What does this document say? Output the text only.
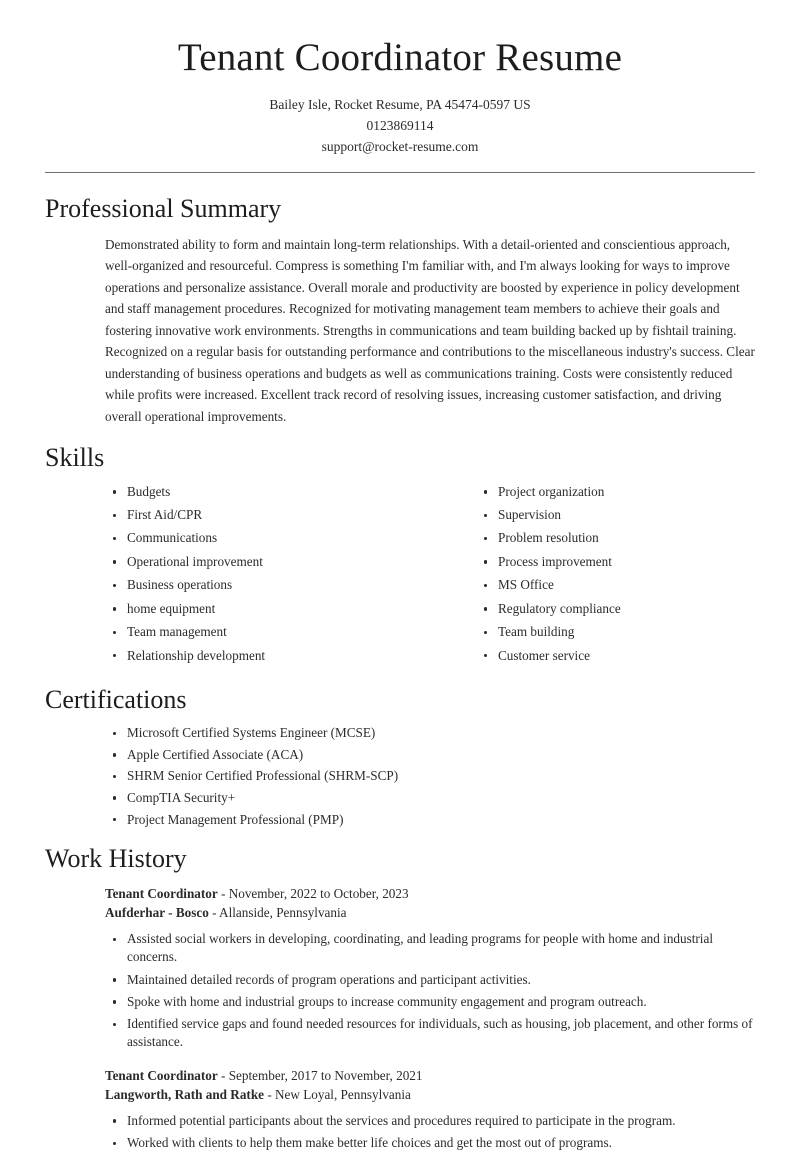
Tenant Coordinator Resume
Bailey Isle, Rocket Resume, PA 45474-0597 US
0123869114
support@rocket-resume.com
Professional Summary

Demonstrated ability to form and maintain long-term relationships. With a detail-oriented and conscientious approach, well-organized and resourceful. Compress is something I'm familiar with, and I'm always looking for ways to improve operations and personalize assistance. Overall morale and productivity are boosted by experience in policy development and staff management procedures. Recognized for motivating management team members to achieve their goals and fostering innovative work environments. Strengths in communications and team building backed up by fishtail training. Recognized on a regular basis for outstanding performance and contributions to the miscellaneous industry's success. Clear understanding of business operations and budgets as well as communications training. Costs were consistently reduced while profits were increased. Excellent track record of resolving issues, increasing customer satisfaction, and driving overall operational improvements.

Skills
Budgets
First Aid/CPR
Communications
Operational improvement
Business operations
home equipment
Team management
Relationship development
Project organization
Supervision
Problem resolution
Process improvement
MS Office
Regulatory compliance
Team building
Customer service
Certifications
Microsoft Certified Systems Engineer (MCSE)
Apple Certified Associate (ACA)
SHRM Senior Certified Professional (SHRM-SCP)
CompTIA Security+
Project Management Professional (PMP)
Work History
Tenant Coordinator - November, 2022 to October, 2023
Aufderhar - Bosco - Allanside, Pennsylvania
Assisted social workers in developing, coordinating, and leading programs for people with home and industrial concerns.
Maintained detailed records of program operations and participant activities.
Spoke with home and industrial groups to increase community engagement and program outreach.
Identified service gaps and found needed resources for individuals, such as housing, job placement, and other forms of assistance.
Tenant Coordinator - September, 2017 to November, 2021
Langworth, Rath and Ratke - New Loyal, Pennsylvania
Informed potential participants about the services and procedures required to participate in the program.
Worked with clients to help them make better life choices and get the most out of programs.
